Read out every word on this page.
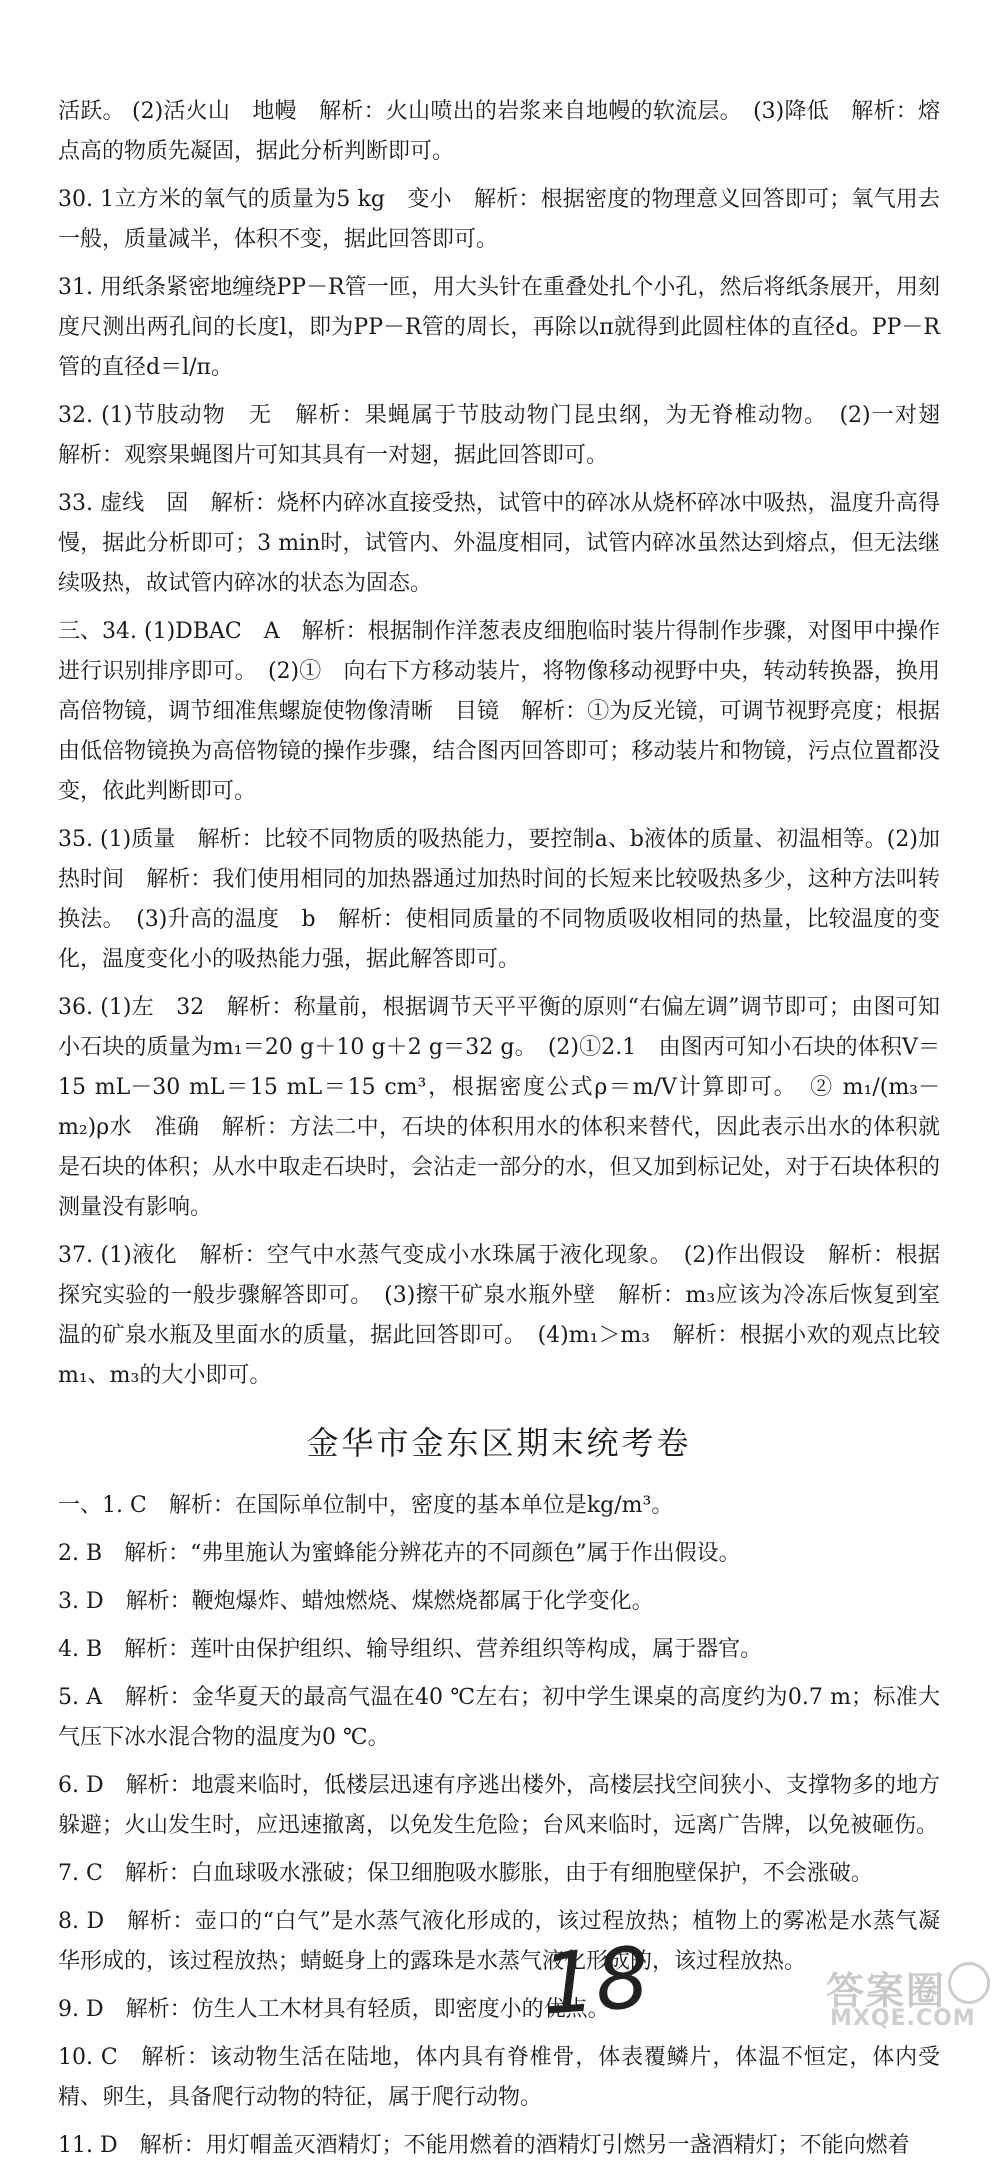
活跃。 (2)活火山　地幔　解析：火山喷出的岩浆来自地幔的软流层。　(3)降低　解析：熔点高的物质先凝固，据此分析判断即可。

30. 1立方米的氧气的质量为5 kg　变小　解析：根据密度的物理意义回答即可；氧气用去一般，质量减半，体积不变，据此回答即可。

31. 用纸条紧密地缠绕PP－R管一匝，用大头针在重叠处扎个小孔，然后将纸条展开，用刻度尺测出两孔间的长度l，即为PP－R管的周长，再除以π就得到此圆柱体的直径d。PP－R管的直径d＝l/π。

32. (1)节肢动物　无　解析：果蝇属于节肢动物门昆虫纲，为无脊椎动物。　(2)一对翅　解析：观察果蝇图片可知其具有一对翅，据此回答即可。

33. 虚线　固　解析：烧杯内碎冰直接受热，试管中的碎冰从烧杯碎冰中吸热，温度升高得慢，据此分析即可；3 min时，试管内、外温度相同，试管内碎冰虽然达到熔点，但无法继续吸热，故试管内碎冰的状态为固态。

三、34. (1)DBAC　A　解析：根据制作洋葱表皮细胞临时装片得制作步骤，对图甲中操作进行识别排序即可。　(2)①　向右下方移动装片，将物像移动视野中央，转动转换器，换用高倍物镜，调节细准焦螺旋使物像清晰　目镜　解析：①为反光镜，可调节视野亮度；根据由低倍物镜换为高倍物镜的操作步骤，结合图丙回答即可；移动装片和物镜，污点位置都没变，依此判断即可。

35. (1)质量　解析：比较不同物质的吸热能力，要控制a、b液体的质量、初温相等。(2)加热时间　解析：我们使用相同的加热器通过加热时间的长短来比较吸热多少，这种方法叫转换法。　(3)升高的温度　b　解析：使相同质量的不同物质吸收相同的热量，比较温度的变化，温度变化小的吸热能力强，据此解答即可。

36. (1)左　32　解析：称量前，根据调节天平平衡的原则“右偏左调”调节即可；由图可知小石块的质量为m₁＝20 g＋10 g＋2 g＝32 g。　(2)①2.1　由图丙可知小石块的体积V＝15 mL－30 mL＝15 mL＝15 cm³，根据密度公式ρ＝m/V计算即可。　② m₁/(m₃－m₂)ρ水　准确　解析：方法二中，石块的体积用水的体积来替代，因此表示出水的体积就是石块的体积；从水中取走石块时，会沾走一部分的水，但又加到标记处，对于石块体积的测量没有影响。

37. (1)液化　解析：空气中水蒸气变成小水珠属于液化现象。　(2)作出假设　解析：根据探究实验的一般步骤解答即可。　(3)擦干矿泉水瓶外壁　解析：m₃应该为冷冻后恢复到室温的矿泉水瓶及里面水的质量，据此回答即可。　(4)m₁＞m₃　解析：根据小欢的观点比较m₁、m₃的大小即可。

金华市金东区期末统考卷

一、1. C　解析：在国际单位制中，密度的基本单位是kg/m³。

2. B　解析：“弗里施认为蜜蜂能分辨花卉的不同颜色”属于作出假设。

3. D　解析：鞭炮爆炸、蜡烛燃烧、煤燃烧都属于化学变化。

4. B　解析：莲叶由保护组织、输导组织、营养组织等构成，属于器官。

5. A　解析：金华夏天的最高气温在40 ℃左右；初中学生课桌的高度约为0.7 m；标准大气压下冰水混合物的温度为0 ℃。

6. D　解析：地震来临时，低楼层迅速有序逃出楼外，高楼层找空间狭小、支撑物多的地方躲避；火山发生时，应迅速撤离，以免发生危险；台风来临时，远离广告牌，以免被砸伤。

7. C　解析：白血球吸水涨破；保卫细胞吸水膨胀，由于有细胞壁保护，不会涨破。

8. D　解析：壶口的“白气”是水蒸气液化形成的，该过程放热；植物上的雾凇是水蒸气凝华形成的，该过程放热；蜻蜓身上的露珠是水蒸气液化形成的，该过程放热。

9. D　解析：仿生人工木材具有轻质，即密度小的优点。

10. C　解析：该动物生活在陆地，体内具有脊椎骨，体表覆鳞片，体温不恒定，体内受精、卵生，具备爬行动物的特征，属于爬行动物。

11. D　解析：用灯帽盖灭酒精灯；不能用燃着的酒精灯引燃另一盏酒精灯；不能向燃着

18	答案圈
MXQE.COM
